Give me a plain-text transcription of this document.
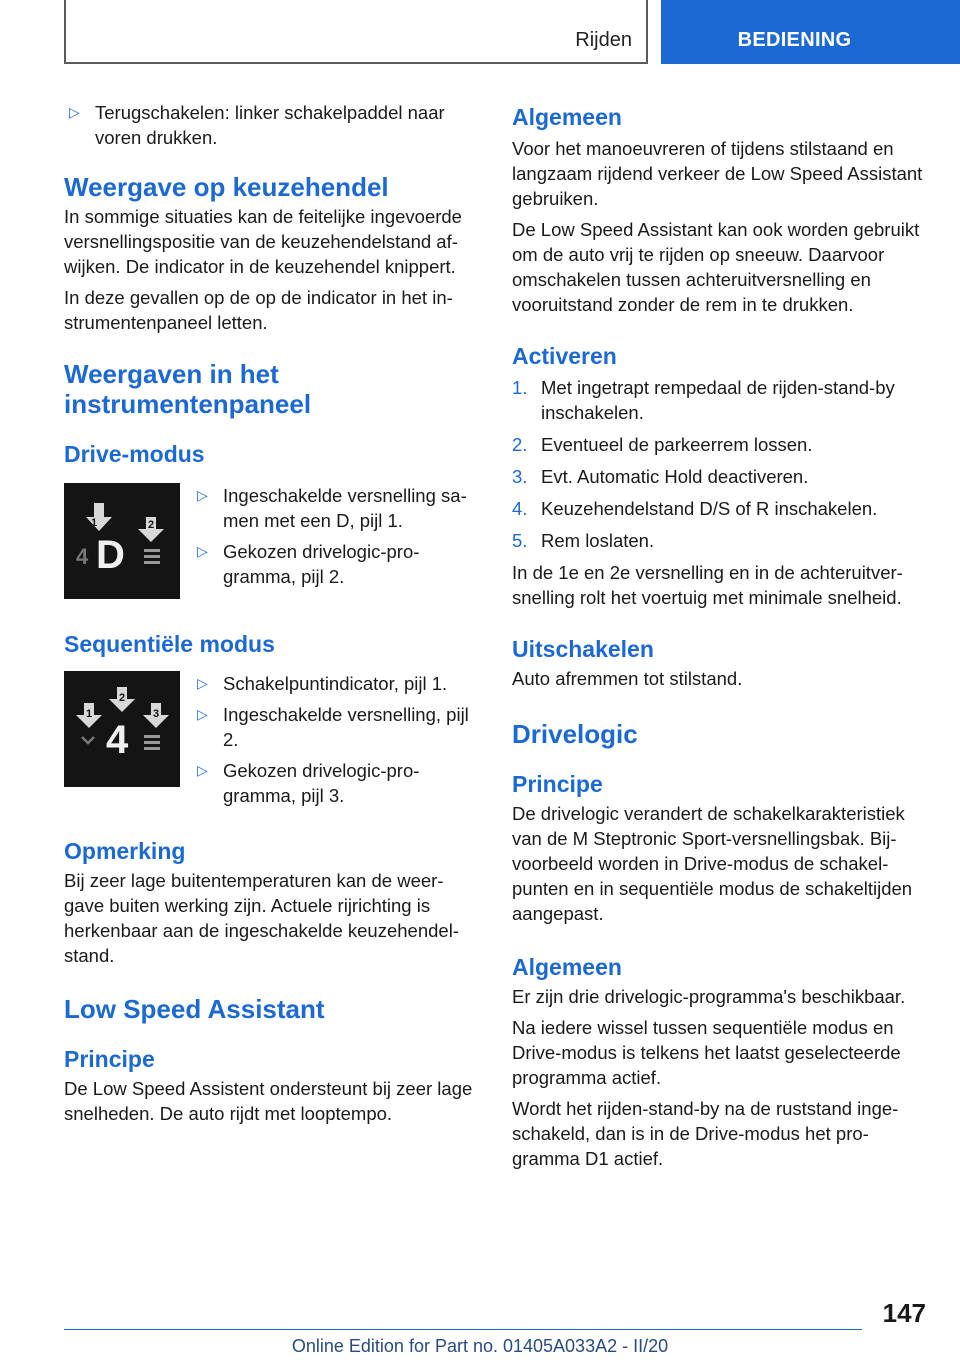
Rijden	BEDIENING
▷ Terugschakelen: linker schakelpaddel naar voren drukken.
Weergave op keuzehendel

In sommige situaties kan de feitelijke ingevoerde versnellingspositie van de keuzehendelstand afwijken. De indicator in de keuzehendel knippert.

In deze gevallen op de op de indicator in het instrumentenpaneel letten.

Weergaven in het instrumentenpaneel
Drive-modus
1	2
4 D
▷ Ingeschakelde versnelling samen met een D, pijl 1.
▷ Gekozen drivelogic-programma, pijl 2.
Sequentiële modus
1
2
3
4
▷ Schakelpuntindicator, pijl 1.
▷ Ingeschakelde versnelling, pijl 2.
▷ Gekozen drivelogic-programma, pijl 3.
Opmerking

Bij zeer lage buitentemperaturen kan de weergave buiten werking zijn. Actuele rijrichting is herkenbaar aan de ingeschakelde keuzehendelstand.

Low Speed Assistant
Principe

De Low Speed Assistent ondersteunt bij zeer lage snelheden. De auto rijdt met looptempo.

Algemeen

Voor het manoeuvreren of tijdens stilstaand en langzaam rijdend verkeer de Low Speed Assistant gebruiken.

De Low Speed Assistant kan ook worden gebruikt om de auto vrij te rijden op sneeuw. Daarvoor omschakelen tussen achteruitversnelling en vooruitstand zonder de rem in te drukken.

Activeren
1. Met ingetrapt rempedaal de rijden-stand-by inschakelen.
2. Eventueel de parkeerrem lossen.
3. Evt. Automatic Hold deactiveren.
4. Keuzehendelstand D/S of R inschakelen.
5. Rem loslaten.

In de 1e en 2e versnelling en in de achteruitversnelling rolt het voertuig met minimale snelheid.

Uitschakelen

Auto afremmen tot stilstand.

Drivelogic
Principe

De drivelogic verandert de schakelkarakteristiek van de M Steptronic Sport-versnellingsbak. Bijvoorbeeld worden in Drive-modus de schakelpunten en in sequentiële modus de schakeltijden aangepast.

Algemeen

Er zijn drie drivelogic-programma's beschikbaar.

Na iedere wissel tussen sequentiële modus en Drive-modus is telkens het laatst geselecteerde programma actief.

Wordt het rijden-stand-by na de ruststand ingeschakeld, dan is in de Drive-modus het programma D1 actief.

147
Online Edition for Part no. 01405A033A2 - II/20
